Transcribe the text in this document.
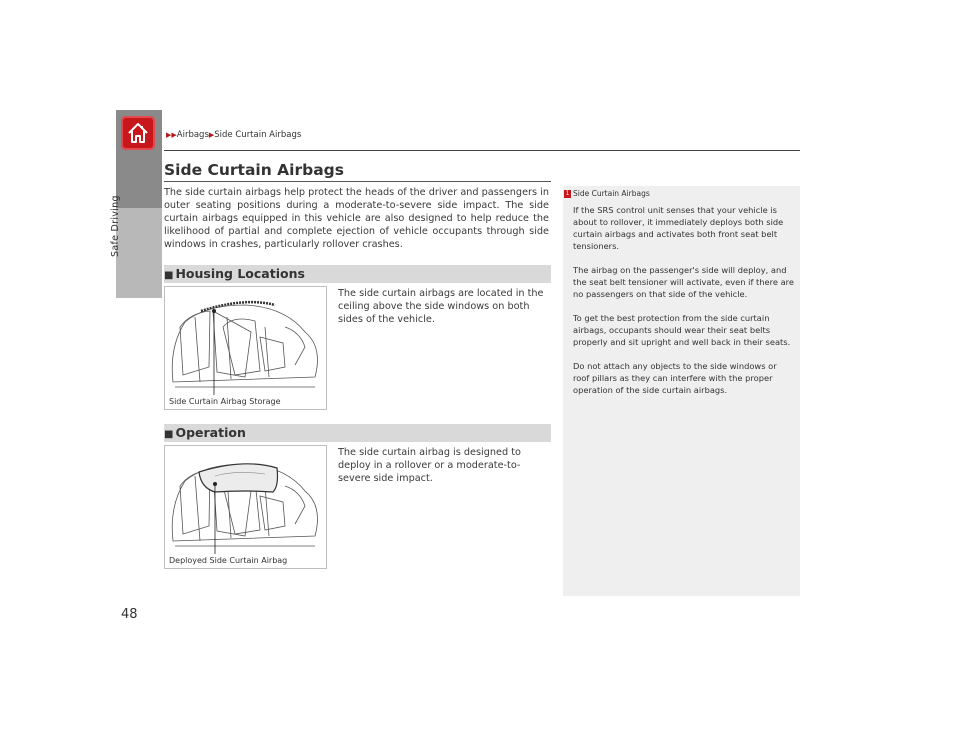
Safe Driving
▶▶Airbags▶Side Curtain Airbags
Side Curtain Airbags
The side curtain airbags help protect the heads of the driver and passengers in outer seating positions during a moderate-to-severe side impact. The side curtain airbags equipped in this vehicle are also designed to help reduce the likelihood of partial and complete ejection of vehicle occupants through side windows in crashes, particularly rollover crashes.
■ Housing Locations
Side Curtain Airbag Storage
The side curtain airbags are located in the ceiling above the side windows on both sides of the vehicle.
■ Operation
Deployed Side Curtain Airbag
The side curtain airbag is designed to deploy in a rollover or a moderate-to-severe side impact.
1 Side Curtain Airbags

If the SRS control unit senses that your vehicle is about to rollover, it immediately deploys both side curtain airbags and activates both front seat belt tensioners.

The airbag on the passenger's side will deploy, and the seat belt tensioner will activate, even if there are no passengers on that side of the vehicle.

To get the best protection from the side curtain airbags, occupants should wear their seat belts properly and sit upright and well back in their seats.

Do not attach any objects to the side windows or roof pillars as they can interfere with the proper operation of the side curtain airbags.

48
